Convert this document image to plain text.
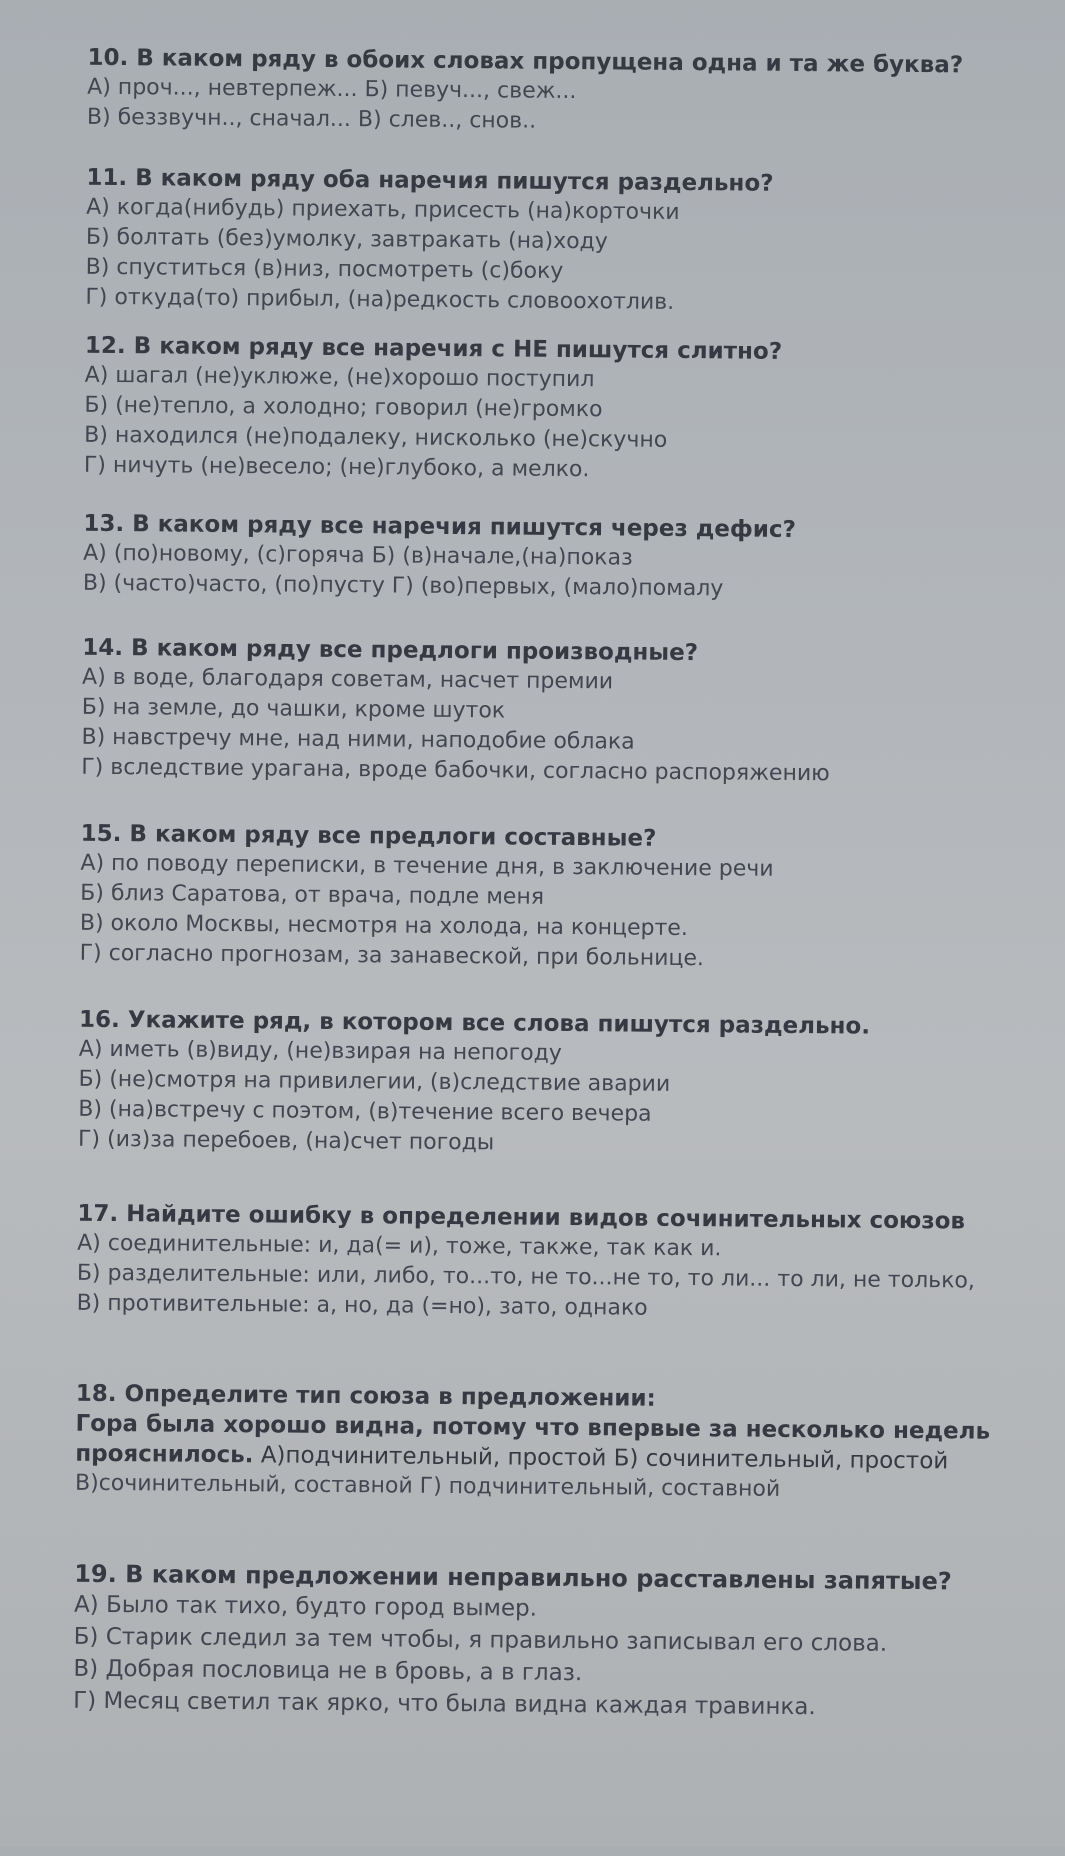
10. В каком ряду в обоих словах пропущена одна и та же буква?
А) проч..., невтерпеж... Б) певуч..., свеж...
В) беззвучн.., сначал... В) слев.., снов..
11. В каком ряду оба наречия пишутся раздельно?
А) когда(нибудь) приехать, присесть (на)корточки
Б) болтать (без)умолку, завтракать (на)ходу
В) спуститься (в)низ, посмотреть (с)боку
Г) откуда(то) прибыл, (на)редкость словоохотлив.
12. В каком ряду все наречия с НЕ пишутся слитно?
А) шагал (не)уклюже, (не)хорошо поступил
Б) (не)тепло, а холодно; говорил (не)громко
В) находился (не)подалеку, нисколько (не)скучно
Г) ничуть (не)весело; (не)глубоко, а мелко.
13. В каком ряду все наречия пишутся через дефис?
А) (по)новому, (с)горяча Б) (в)начале,(на)показ
В) (часто)часто, (по)пусту Г) (во)первых, (мало)помалу
14. В каком ряду все предлоги производные?
А) в воде, благодаря советам, насчет премии
Б) на земле, до чашки, кроме шуток
В) навстречу мне, над ними, наподобие облака
Г) вследствие урагана, вроде бабочки, согласно распоряжению
15. В каком ряду все предлоги составные?
А) по поводу переписки, в течение дня, в заключение речи
Б) близ Саратова, от врача, подле меня
В) около Москвы, несмотря на холода, на концерте.
Г) согласно прогнозам, за занавеской, при больнице.
16. Укажите ряд, в котором все слова пишутся раздельно.
А) иметь (в)виду, (не)взирая на непогоду
Б) (не)смотря на привилегии, (в)следствие аварии
В) (на)встречу с поэтом, (в)течение всего вечера
Г) (из)за перебоев, (на)счет погоды
17. Найдите ошибку в определении видов сочинительных союзов
А) соединительные: и, да(= и), тоже, также, так как и.
Б) разделительные: или, либо, то...то, не то...не то, то ли... то ли, не только,
В) противительные: а, но, да (=но), зато, однако
18. Определите тип союза в предложении:
Гора была хорошо видна, потому что впервые за несколько недель
прояснилось. А)подчинительный, простой Б) сочинительный, простой
В)сочинительный, составной Г) подчинительный, составной
19. В каком предложении неправильно расставлены запятые?
А) Было так тихо, будто город вымер.
Б) Старик следил за тем чтобы, я правильно записывал его слова.
В) Добрая пословица не в бровь, а в глаз.
Г) Месяц светил так ярко, что была видна каждая травинка.
